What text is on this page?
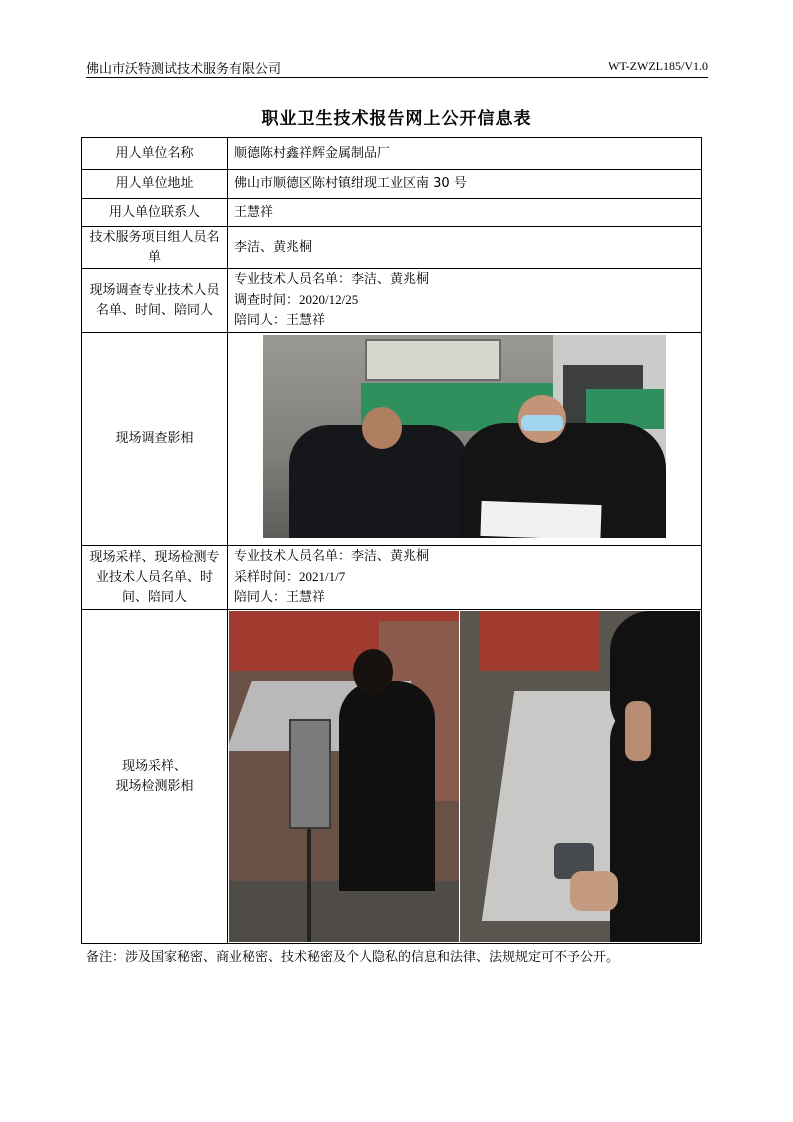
佛山市沃特测试技术服务有限公司	WT-ZWZL185/V1.0
职业卫生技术报告网上公开信息表
用人单位名称	顺德陈村鑫祥辉金属制品厂
用人单位地址	佛山市顺德区陈村镇绀现工业区南 30 号
用人单位联系人	王慧祥
技术服务项目组人员名单	李洁、黄兆桐
现场调查专业技术人员名单、时间、陪同人	专业技术人员名单：李洁、黄兆桐
调查时间：2020/12/25
陪同人：王慧祥

现场调查影相	

现场采样、现场检测专业技术人员名单、时间、陪同人	专业技术人员名单：李洁、黄兆桐
采样时间：2021/1/7
陪同人：王慧祥

现场采样、
现场检测影相	

备注：涉及国家秘密、商业秘密、技术秘密及个人隐私的信息和法律、法规规定可不予公开。
